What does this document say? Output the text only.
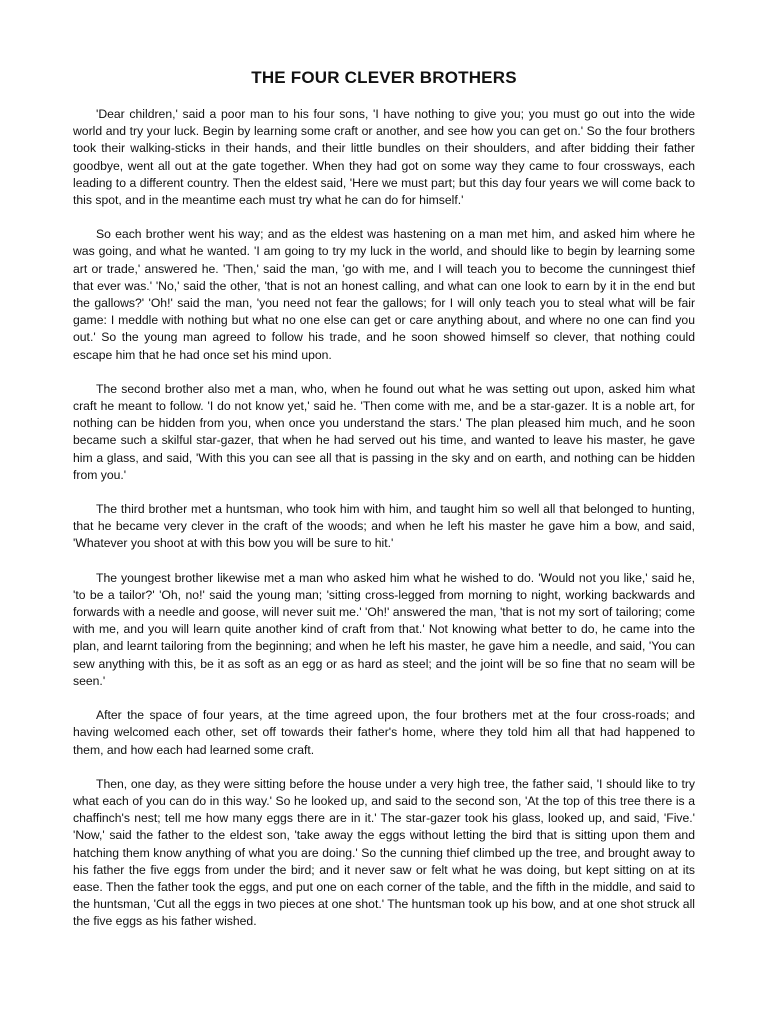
THE FOUR CLEVER BROTHERS

'Dear children,' said a poor man to his four sons, 'I have nothing to give you; you must go out into the wide world and try your luck. Begin by learning some craft or another, and see how you can get on.' So the four brothers took their walking-sticks in their hands, and their little bundles on their shoulders, and after bidding their father goodbye, went all out at the gate together. When they had got on some way they came to four crossways, each leading to a different country. Then the eldest said, 'Here we must part; but this day four years we will come back to this spot, and in the meantime each must try what he can do for himself.'

So each brother went his way; and as the eldest was hastening on a man met him, and asked him where he was going, and what he wanted. 'I am going to try my luck in the world, and should like to begin by learning some art or trade,' answered he. 'Then,' said the man, 'go with me, and I will teach you to become the cunningest thief that ever was.' 'No,' said the other, 'that is not an honest calling, and what can one look to earn by it in the end but the gallows?' 'Oh!' said the man, 'you need not fear the gallows; for I will only teach you to steal what will be fair game: I meddle with nothing but what no one else can get or care anything about, and where no one can find you out.' So the young man agreed to follow his trade, and he soon showed himself so clever, that nothing could escape him that he had once set his mind upon.

The second brother also met a man, who, when he found out what he was setting out upon, asked him what craft he meant to follow. 'I do not know yet,' said he. 'Then come with me, and be a star-gazer. It is a noble art, for nothing can be hidden from you, when once you understand the stars.' The plan pleased him much, and he soon became such a skilful star-gazer, that when he had served out his time, and wanted to leave his master, he gave him a glass, and said, 'With this you can see all that is passing in the sky and on earth, and nothing can be hidden from you.'

The third brother met a huntsman, who took him with him, and taught him so well all that belonged to hunting, that he became very clever in the craft of the woods; and when he left his master he gave him a bow, and said, 'Whatever you shoot at with this bow you will be sure to hit.'

The youngest brother likewise met a man who asked him what he wished to do. 'Would not you like,' said he, 'to be a tailor?' 'Oh, no!' said the young man; 'sitting cross-legged from morning to night, working backwards and forwards with a needle and goose, will never suit me.' 'Oh!' answered the man, 'that is not my sort of tailoring; come with me, and you will learn quite another kind of craft from that.' Not knowing what better to do, he came into the plan, and learnt tailoring from the beginning; and when he left his master, he gave him a needle, and said, 'You can sew anything with this, be it as soft as an egg or as hard as steel; and the joint will be so fine that no seam will be seen.'

After the space of four years, at the time agreed upon, the four brothers met at the four cross-roads; and having welcomed each other, set off towards their father's home, where they told him all that had happened to them, and how each had learned some craft.

Then, one day, as they were sitting before the house under a very high tree, the father said, 'I should like to try what each of you can do in this way.' So he looked up, and said to the second son, 'At the top of this tree there is a chaffinch's nest; tell me how many eggs there are in it.' The star-gazer took his glass, looked up, and said, 'Five.' 'Now,' said the father to the eldest son, 'take away the eggs without letting the bird that is sitting upon them and hatching them know anything of what you are doing.' So the cunning thief climbed up the tree, and brought away to his father the five eggs from under the bird; and it never saw or felt what he was doing, but kept sitting on at its ease. Then the father took the eggs, and put one on each corner of the table, and the fifth in the middle, and said to the huntsman, 'Cut all the eggs in two pieces at one shot.' The huntsman took up his bow, and at one shot struck all the five eggs as his father wished.
